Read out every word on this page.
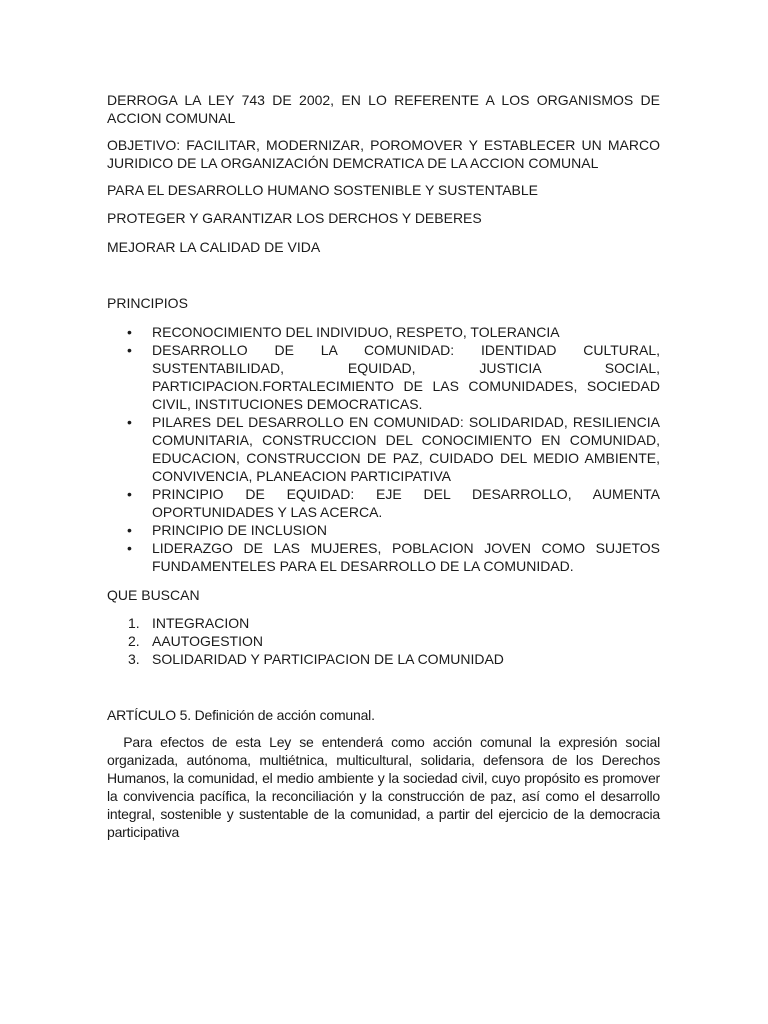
DERROGA LA LEY 743 DE 2002, EN LO REFERENTE A LOS ORGANISMOS DE ACCION COMUNAL

OBJETIVO: FACILITAR, MODERNIZAR, POROMOVER Y ESTABLECER UN MARCO JURIDICO DE LA ORGANIZACIÓN DEMCRATICA DE LA ACCION COMUNAL

PARA EL DESARROLLO HUMANO SOSTENIBLE Y SUSTENTABLE

PROTEGER Y GARANTIZAR LOS DERCHOS Y DEBERES

MEJORAR LA CALIDAD DE VIDA

PRINCIPIOS

• RECONOCIMIENTO DEL INDIVIDUO, RESPETO, TOLERANCIA
• DESARROLLO DE LA COMUNIDAD: IDENTIDAD CULTURAL, SUSTENTABILIDAD, EQUIDAD, JUSTICIA SOCIAL, PARTICIPACION.FORTALECIMIENTO DE LAS COMUNIDADES, SOCIEDAD CIVIL, INSTITUCIONES DEMOCRATICAS.
• PILARES DEL DESARROLLO EN COMUNIDAD: SOLIDARIDAD, RESILIENCIA COMUNITARIA, CONSTRUCCION DEL CONOCIMIENTO EN COMUNIDAD, EDUCACION, CONSTRUCCION DE PAZ, CUIDADO DEL MEDIO AMBIENTE, CONVIVENCIA, PLANEACION PARTICIPATIVA
• PRINCIPIO DE EQUIDAD: EJE DEL DESARROLLO, AUMENTA OPORTUNIDADES Y LAS ACERCA.
• PRINCIPIO DE INCLUSION
• LIDERAZGO DE LAS MUJERES, POBLACION JOVEN COMO SUJETOS FUNDAMENTELES PARA EL DESARROLLO DE LA COMUNIDAD.

QUE BUSCAN

1. INTEGRACION
2. AAUTOGESTION
3. SOLIDARIDAD Y PARTICIPACION DE LA COMUNIDAD

ARTÍCULO 5. Definición de acción comunal.

Para efectos de esta Ley se entenderá como acción comunal la expresión social organizada, autónoma, multiétnica, multicultural, solidaria, defensora de los Derechos Humanos, la comunidad, el medio ambiente y la sociedad civil, cuyo propósito es promover la convivencia pacífica, la reconciliación y la construcción de paz, así como el desarrollo integral, sostenible y sustentable de la comunidad, a partir del ejercicio de la democracia participativa
